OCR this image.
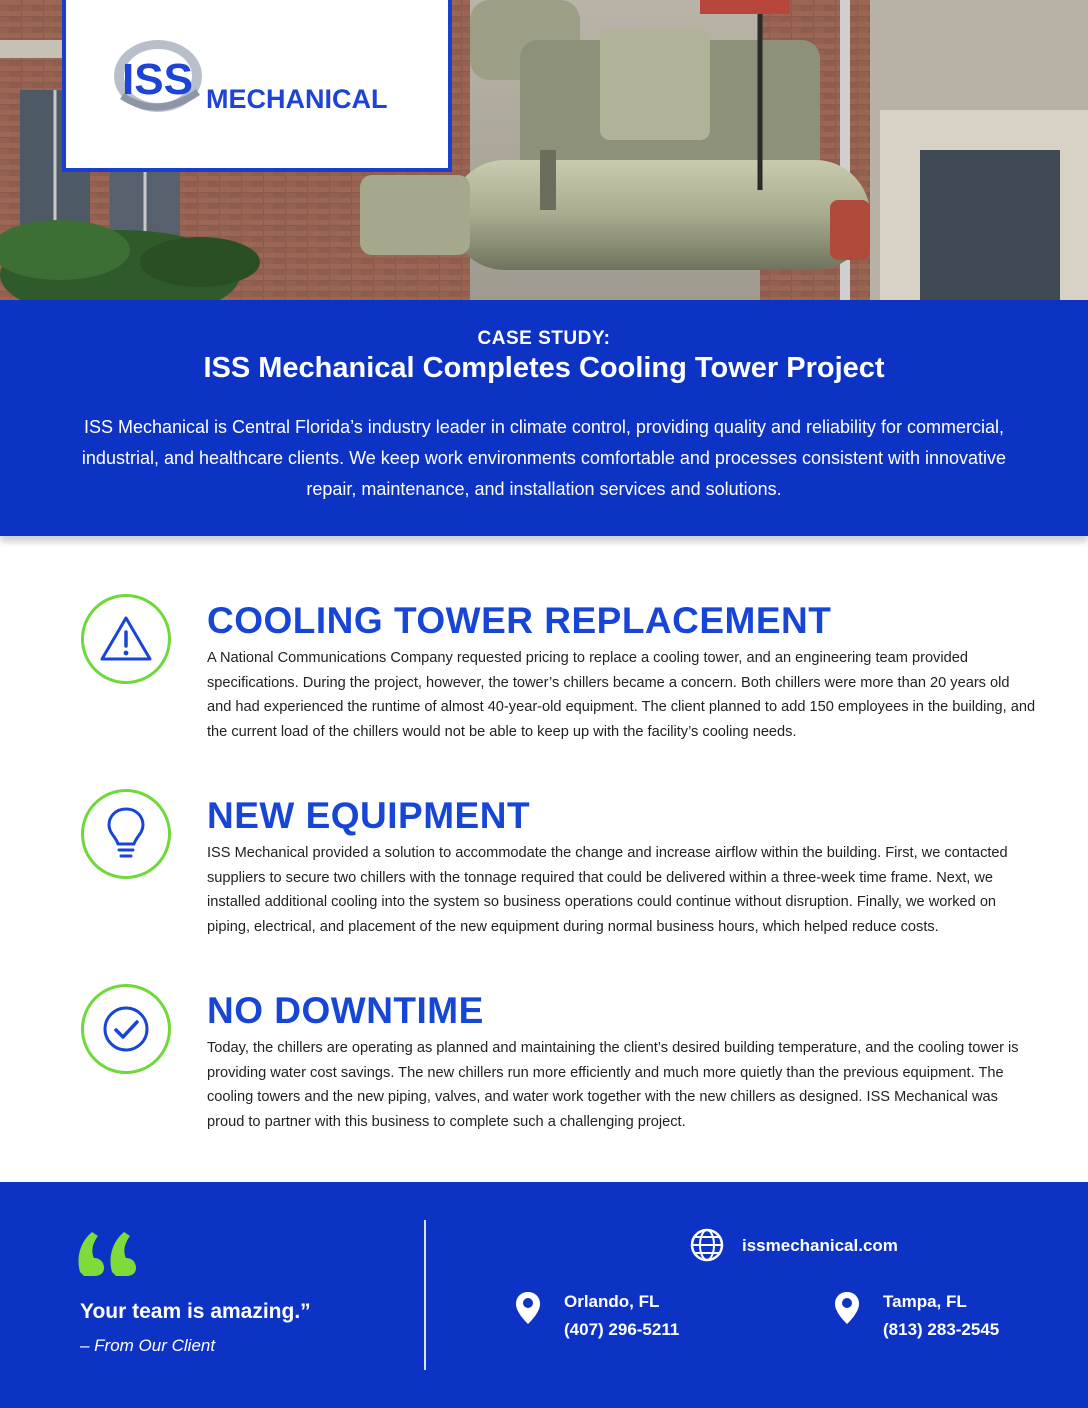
ISS MECHANICAL
CASE STUDY:
ISS Mechanical Completes Cooling Tower Project

ISS Mechanical is Central Florida’s industry leader in climate control, providing quality and reliability for commercial, industrial, and healthcare clients. We keep work environments comfortable and processes consistent with innovative repair, maintenance, and installation services and solutions.

COOLING TOWER REPLACEMENT

A National Communications Company requested pricing to replace a cooling tower, and an engineering team provided specifications. During the project, however, the tower’s chillers became a concern. Both chillers were more than 20 years old and had experienced the runtime of almost 40-year-old equipment. The client planned to add 150 employees in the building, and the current load of the chillers would not be able to keep up with the facility’s cooling needs.

NEW EQUIPMENT

ISS Mechanical provided a solution to accommodate the change and increase airflow within the building. First, we contacted suppliers to secure two chillers with the tonnage required that could be delivered within a three-week time frame. Next, we installed additional cooling into the system so business operations could continue without disruption. Finally, we worked on piping, electrical, and placement of the new equipment during normal business hours, which helped reduce costs.

NO DOWNTIME

Today, the chillers are operating as planned and maintaining the client’s desired building temperature, and the cooling tower is providing water cost savings. The new chillers run more efficiently and much more quietly than the previous equipment. The cooling towers and the new piping, valves, and water work together with the new chillers as designed. ISS Mechanical was proud to partner with this business to complete such a challenging project.

Your team is amazing.”
– From Our Client
issmechanical.com
Orlando, FL
(407) 296-5211
Tampa, FL
(813) 283-2545
